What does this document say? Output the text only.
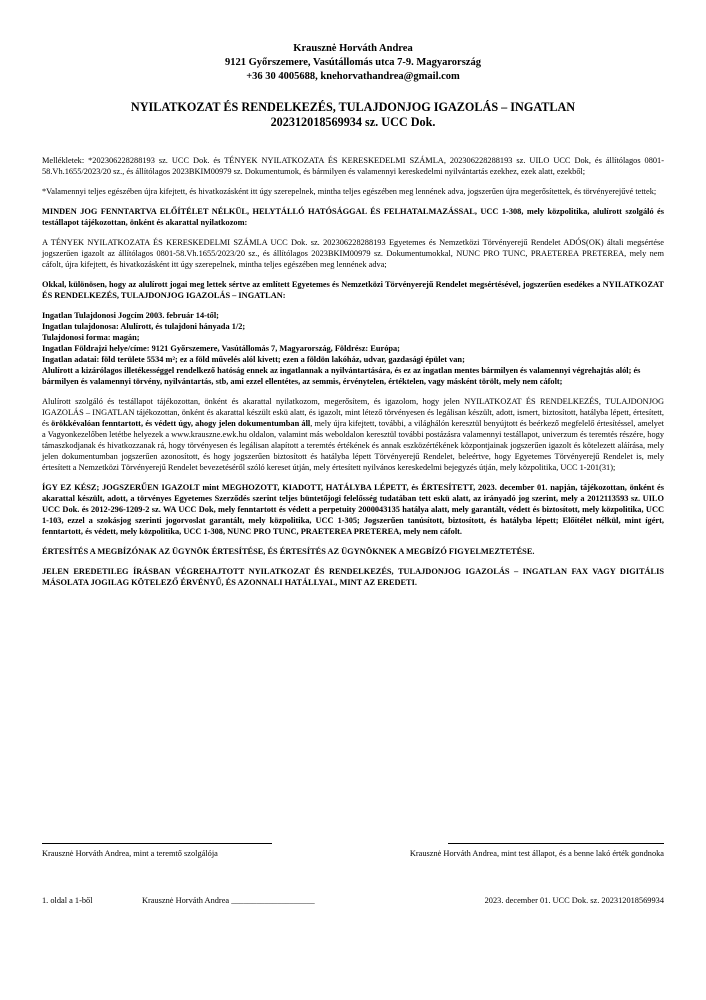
Krausznė Horváth Andrea
9121 Győrszemere, Vasútállomás utca 7-9. Magyarország
+36 30 4005688, knehorvathandrea@gmail.com
NYILATKOZAT ÉS RENDELKEZÉS, TULAJDONJOG IGAZOLÁS – INGATLAN
202312018569934 sz. UCC Dok.

Mellékletek: *202306228288193 sz. UCC Dok. és TÉNYEK NYILATKOZATA ÉS KERESKEDELMI SZÁMLA, 202306228288193 sz. UILO UCC Dok, és állítólagos 0801-58.Vh.1655/2023/20 sz., és állítólagos 2023BKIM00979 sz. Dokumentumok, és bármilyen és valamennyi kereskedelmi nyilvántartás ezekhez, ezek alatt, ezekből;

*Valamennyi teljes egészében újra kifejtett, és hivatkozásként itt úgy szerepelnek, mintha teljes egészében meg lennének adva, jogszerűen újra megerősítettek, és törvényerejűvé tettek;

MINDEN JOG FENNTARTVA ELŐÍTÉLET NÉLKÜL, HELYTÁLLÓ HATÓSÁGGAL ÉS FELHATALMAZÁSSAL, UCC 1-308, mely közpolitika, alulírott szolgáló és testállapot tájékozottan, önként és akarattal nyilatkozom:

A TÉNYEK NYILATKOZATA ÉS KERESKEDELMI SZÁMLA UCC Dok. sz. 202306228288193 Egyetemes és Nemzetközi Törvényerejű Rendelet ADÓS(OK) általi megsértése jogszerűen igazolt az állítólagos 0801-58.Vh.1655/2023/20 sz., és állítólagos 2023BKIM00979 sz. Dokumentumokkal, NUNC PRO TUNC, PRAETEREA PRETEREA, mely nem cáfolt, újra kifejtett, és hivatkozásként itt úgy szerepelnek, mintha teljes egészében meg lennének adva;

Okkal, különösen, hogy az alulírott jogai meg lettek sértve az említett Egyetemes és Nemzetközi Törvényerejű Rendelet megsértésével, jogszerűen esedékes a NYILATKOZAT ÉS RENDELKEZÉS, TULAJDONJOG IGAZOLÁS – INGATLAN:

Ingatlan Tulajdonosi Jogcím 2003. február 14-től;

Ingatlan tulajdonosa: Alulírott, és tulajdoni hányada 1/2;

Tulajdonosi forma: magán;

Ingatlan Földrajzi helye/címe: 9121 Győrszemere, Vasútállomás 7, Magyarország, Földrész: Európa;

Ingatlan adatai: föld területe 5534 m²; ez a föld művelés alól kivett; ezen a földön lakóház, udvar, gazdasági épület van;

Alulírott a kizárólagos illetékességgel rendelkező hatóság ennek az ingatlannak a nyilvántartására, és ez az ingatlan mentes bármilyen és valamennyi végrehajtás alól; és

bármilyen és valamennyi törvény, nyilvántartás, stb, ami ezzel ellentétes, az semmis, érvénytelen, értéktelen, vagy másként törölt, mely nem cáfolt;

Alulírott szolgáló és testállapot tájékozottan, önként és akarattal nyilatkozom, megerősítem, és igazolom, hogy jelen NYILATKOZAT ÉS RENDELKEZÉS, TULAJDONJOG IGAZOLÁS – INGATLAN tájékozottan, önként és akarattal készült eskü alatt, és igazolt, mint létező törvényesen és legálisan készült, adott, ismert, biztosított, hatályba lépett, értesített, és örökkévalóan fenntartott, és védett úgy, ahogy jelen dokumentumban áll, mely újra kifejtett, további, a világhálón keresztül benyújtott és beérkező megfelelő értesítéssel, amelyet a Vagyonkezelőben letétbe helyezek a www.krauszne.ewk.hu oldalon, valamint más weboldalon keresztül további postázásra valamennyi testállapot, univerzum és teremtés részére, hogy támaszkodjanak és hivatkozzanak rá, hogy törvényesen és legálisan alapított a teremtés értékének és annak eszközértékének központjainak jogszerűen igazolt és kötelezett aláírása, mely jelen dokumentumban jogszerűen azonosított, és hogy jogszerűen biztosított és hatályba lépett Törvényerejű Rendelet, beleértve, hogy Egyetemes Törvényerejű Rendelet is, mely értesített a Nemzetközi Törvényerejű Rendelet bevezetéséről szóló kereset útján, mely értesített nyilvános kereskedelmi bejegyzés útján, mely közpolitika, UCC 1-201(31);

ÍGY EZ KÉSZ; JOGSZERŰEN IGAZOLT mint MEGHOZOTT, KIADOTT, HATÁLYBA LÉPETT, és ÉRTESÍTETT, 2023. december 01. napján, tájékozottan, önként és akarattal készült, adott, a törvényes Egyetemes Szerződés szerint teljes büntetőjogi felelősség tudatában tett eskü alatt, az irányadó jog szerint, mely a 2012113593 sz. UILO UCC Dok. és 2012-296-1209-2 sz. WA UCC Dok, mely fenntartott és védett a perpetuity 2000043135 hatálya alatt, mely garantált, védett és biztosított, mely közpolitika, UCC 1-103, ezzel a szokásjog szerinti jogorvoslat garantált, mely közpolitika, UCC 1-305; Jogszerűen tanúsított, biztosított, és hatályba lépett; Előítélet nélkül, mint ígért, fenntartott, és védett, mely közpolitika, UCC 1-308, NUNC PRO TUNC, PRAETEREA PRETEREA, mely nem cáfolt.

ÉRTESÍTÉS A MEGBÍZÓNAK AZ ÜGYNÖK ÉRTESÍTÉSE, ÉS ÉRTESÍTÉS AZ ÜGYNÖKNEK A MEGBÍZÓ FIGYELMEZTETÉSE.

JELEN EREDETILEG ÍRÁSBAN VÉGREHAJTOTT NYILATKOZAT ÉS RENDELKEZÉS, TULAJDONJOG IGAZOLÁS – INGATLAN FAX VAGY DIGITÁLIS MÁSOLATA JOGILAG KÖTELEZŐ ÉRVÉNYŰ, ÉS AZONNALI HATÁLLYAL, MINT AZ EREDETI.

Krausznė Horváth Andrea, mint a teremtő szolgálója	Krausznė Horváth Andrea, mint test állapot, és a benne lakó érték gondnoka
1. oldal a 1-ből	Krausznė Horváth Andrea ____________________	2023. december 01. UCC Dok. sz. 202312018569934
